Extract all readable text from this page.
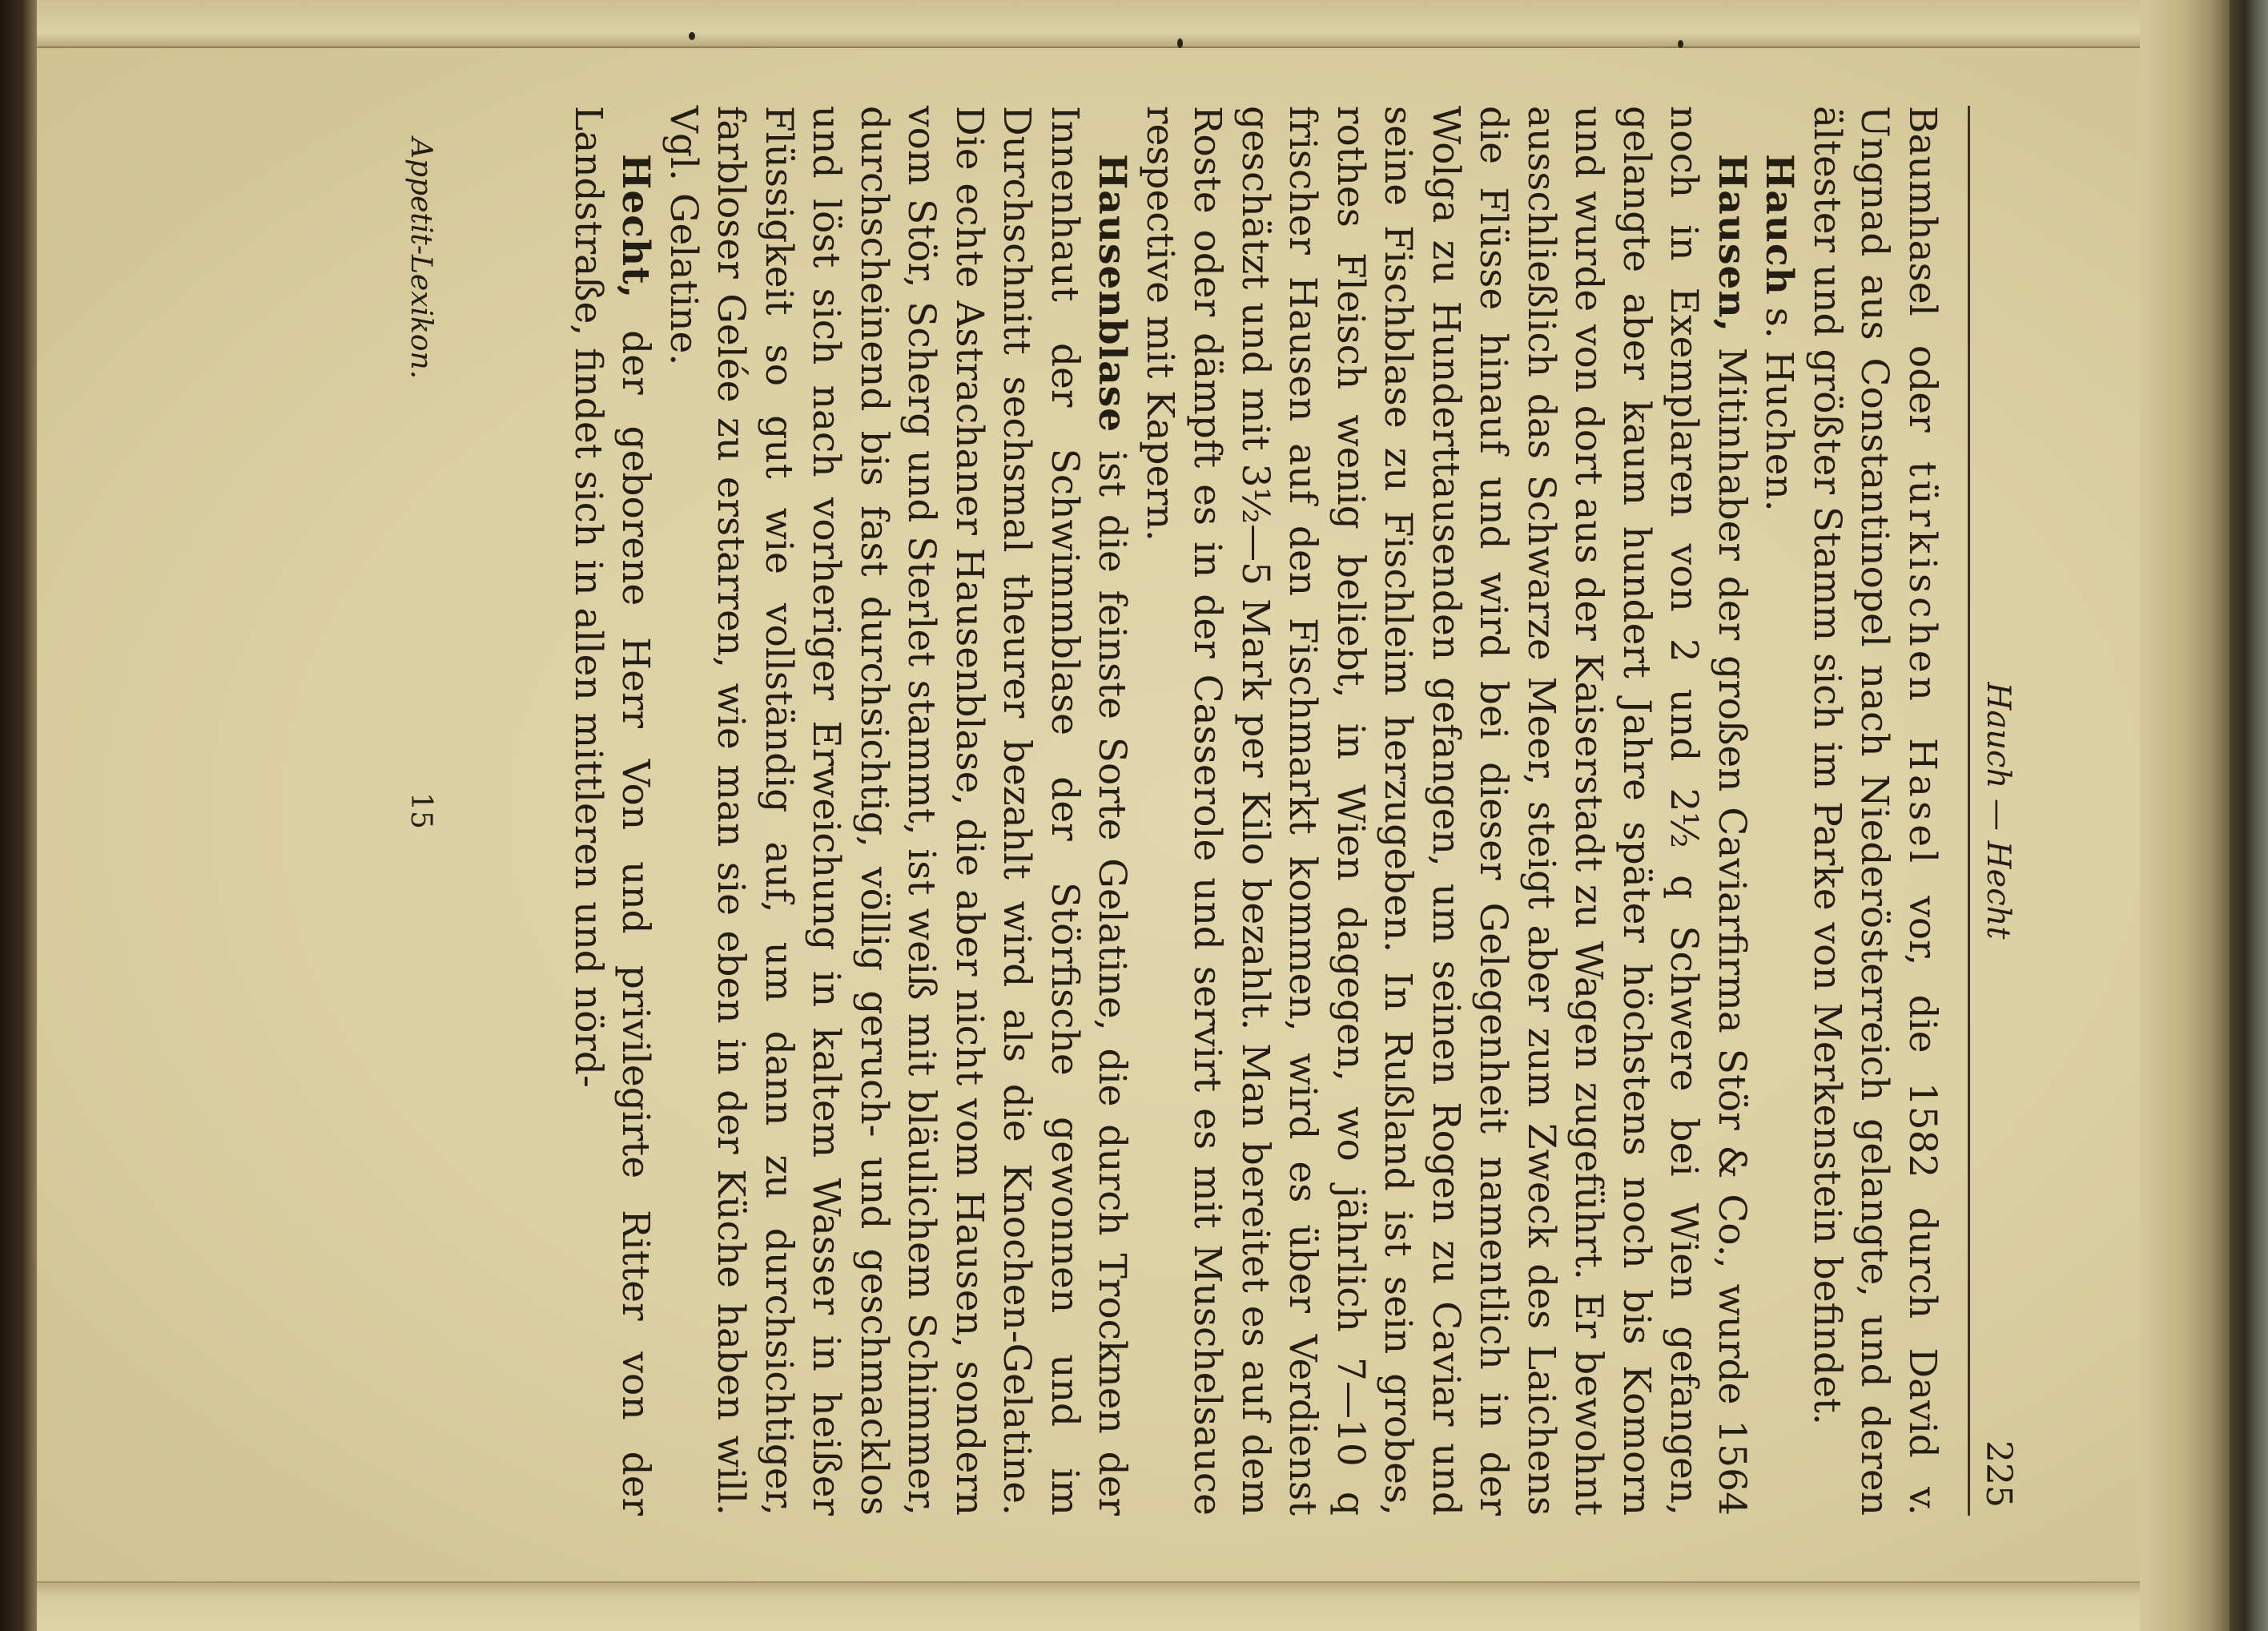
Hauch — Hecht
225

Baumhasel oder türkischen Hasel vor, die 1582 durch David v. Ungnad aus Constantinopel nach Niederösterreich gelangte, und deren ältester und größter Stamm sich im Parke von Merkenstein befindet.

Hauch s. Huchen.

Hausen, Mitinhaber der großen Caviarfirma Stör & Co., wurde 1564 noch in Exemplaren von 2 und 2½ q Schwere bei Wien gefangen, gelangte aber kaum hundert Jahre später höchstens noch bis Komorn und wurde von dort aus der Kaiserstadt zu Wagen zugeführt. Er bewohnt ausschließlich das Schwarze Meer, steigt aber zum Zweck des Laichens die Flüsse hinauf und wird bei dieser Gelegenheit namentlich in der Wolga zu Hunderttausenden gefangen, um seinen Rogen zu Caviar und seine Fischblase zu Fischleim herzugeben. In Rußland ist sein grobes, rothes Fleisch wenig beliebt, in Wien dagegen, wo jährlich 7—10 q frischer Hausen auf den Fischmarkt kommen, wird es über Verdienst geschätzt und mit 3½—5 Mark per Kilo bezahlt. Man bereitet es auf dem Roste oder dämpft es in der Casserole und servirt es mit Muschelsauce respective mit Kapern.

Hausenblase ist die feinste Sorte Gelatine, die durch Trocknen der Innenhaut der Schwimmblase der Störfische gewonnen und im Durchschnitt sechsmal theurer bezahlt wird als die Knochen-Gelatine. Die echte Astrachaner Hausenblase, die aber nicht vom Hausen, sondern vom Stör, Scherg und Sterlet stammt, ist weiß mit bläulichem Schimmer, durchscheinend bis fast durchsichtig, völlig geruch- und geschmacklos und löst sich nach vorheriger Erweichung in kaltem Wasser in heißer Flüssigkeit so gut wie vollständig auf, um dann zu durchsichtiger, farbloser Gelée zu erstarren, wie man sie eben in der Küche haben will. Vgl. Gelatine.

Hecht, der geborene Herr Von und privilegirte Ritter von der Landstraße, findet sich in allen mittleren und nörd-

Appetit-Lexikon.
15
